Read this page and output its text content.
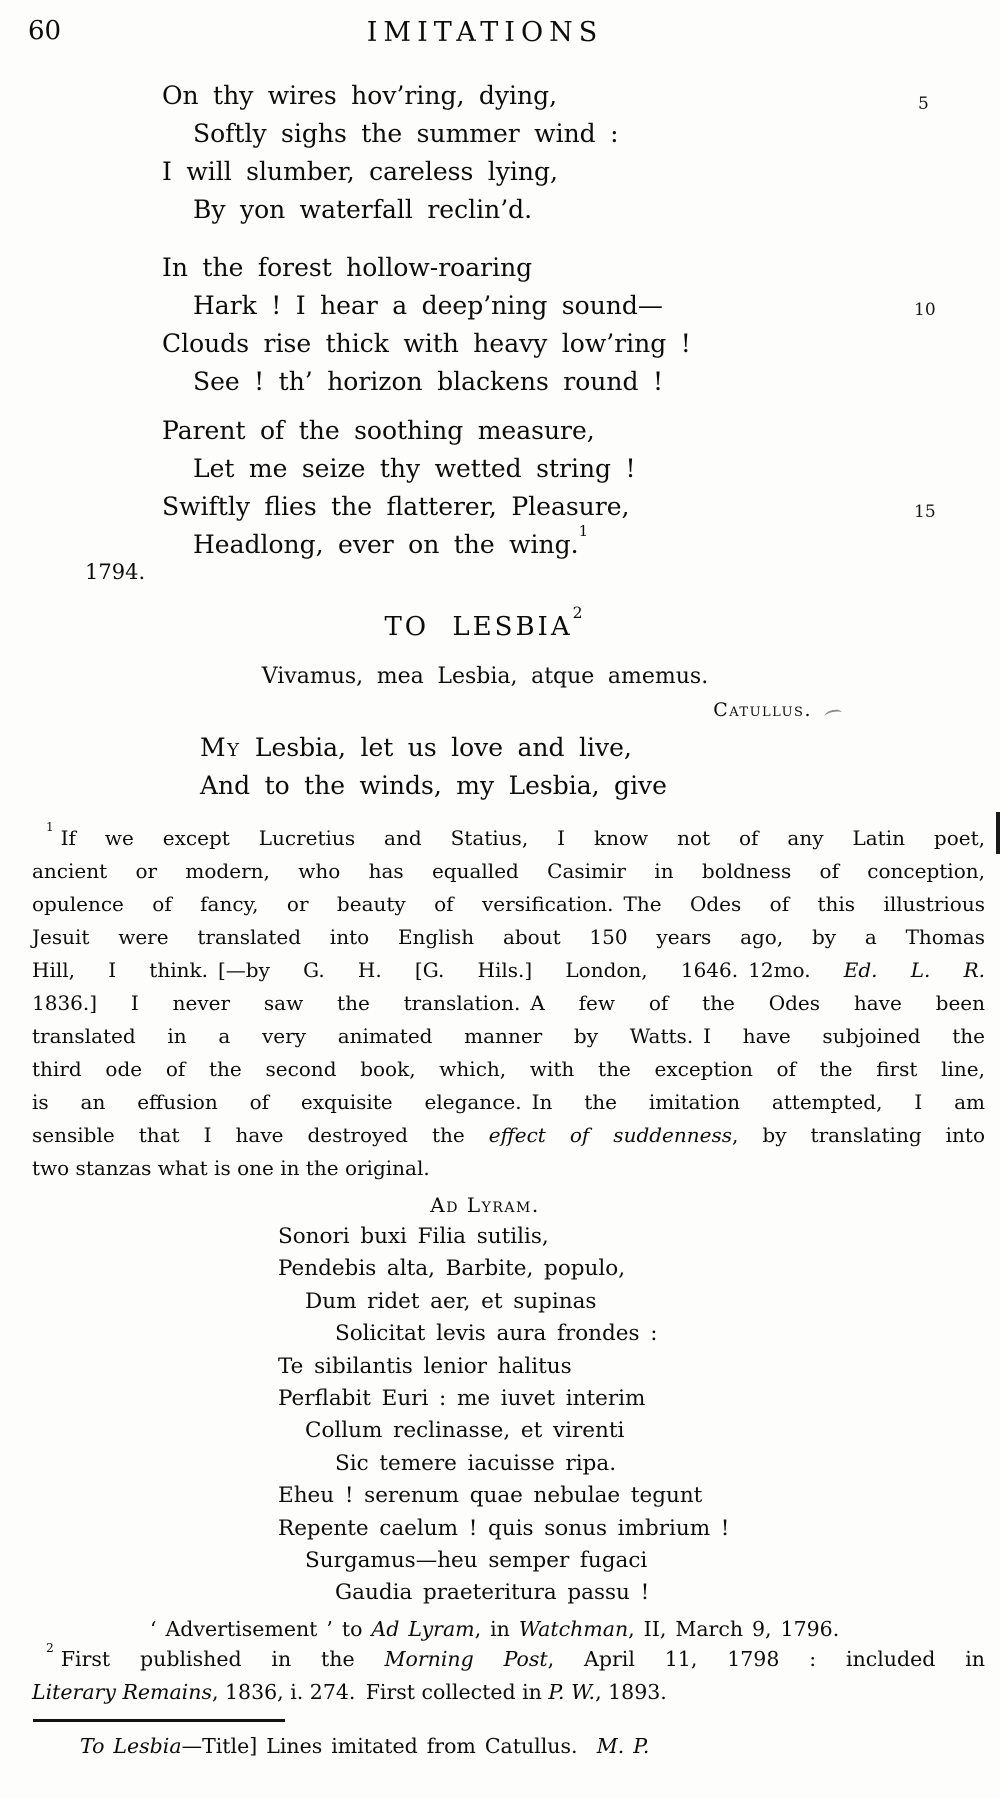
60	IMITATIONS
On thy wires hov’ring, dying,
Softly sighs the summer wind :
I will slumber, careless lying,
By yon waterfall reclin’d.
In the forest hollow-roaring
Hark ! I hear a deep’ning sound—
Clouds rise thick with heavy low’ring !
See ! th’ horizon blackens round !
Parent of the soothing measure,
Let me seize thy wetted string !
Swiftly flies the flatterer, Pleasure,
Headlong, ever on the wing.$^1$
5
10
15
1794.
TO LESBIA$^2$
Vivamus, mea Lesbia, atque amemus.
Catullus.
My Lesbia, let us love and live,
And to the winds, my Lesbia, give
$^1$ If we except Lucretius and Statius, I know not of any Latin poet,
ancient or modern, who has equalled Casimir in boldness of conception,
opulence of fancy, or beauty of versification. The Odes of this illustrious
Jesuit were translated into English about 150 years ago, by a Thomas
Hill, I think. [—by G. H. [G. Hils.] London, 1646. 12mo. Ed. L. R.
1836.] I never saw the translation. A few of the Odes have been
translated in a very animated manner by Watts. I have subjoined the
third ode of the second book, which, with the exception of the first line,
is an effusion of exquisite elegance. In the imitation attempted, I am
sensible that I have destroyed the effect of suddenness, by translating into
two stanzas what is one in the original.
Ad Lyram.
Sonori buxi Filia sutilis,
Pendebis alta, Barbite, populo,
Dum ridet aer, et supinas
Solicitat levis aura frondes :
Te sibilantis lenior halitus
Perflabit Euri : me iuvet interim
Collum reclinasse, et virenti
Sic temere iacuisse ripa.
Eheu ! serenum quae nebulae tegunt
Repente caelum ! quis sonus imbrium !
Surgamus—heu semper fugaci
Gaudia praeteritura passu !
‘ Advertisement ’ to Ad Lyram, in Watchman, II, March 9, 1796.
$^2$ First published in the Morning Post, April 11, 1798 : included in
Literary Remains, 1836, i. 274. First collected in P. W., 1893.
To Lesbia—Title] Lines imitated from Catullus.  M. P.
